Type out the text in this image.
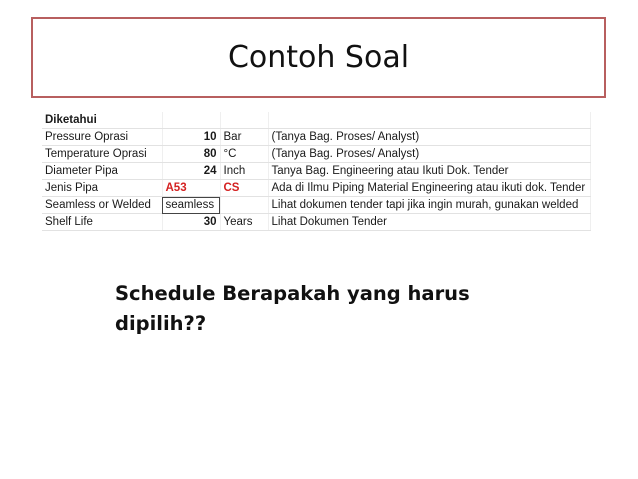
Contoh Soal
Diketahui			
Pressure Oprasi	10	Bar	(Tanya Bag. Proses/ Analyst)
Temperature Oprasi	80	°C	(Tanya Bag. Proses/ Analyst)
Diameter Pipa	24	Inch	Tanya Bag. Engineering atau Ikuti Dok. Tender
Jenis Pipa	A53	CS	Ada di Ilmu Piping Material Engineering atau ikuti dok. Tender
Seamless or Welded	seamless		Lihat dokumen tender tapi jika ingin murah, gunakan welded
Shelf Life	30	Years	Lihat Dokumen Tender
Schedule Berapakah yang harus dipilih??
